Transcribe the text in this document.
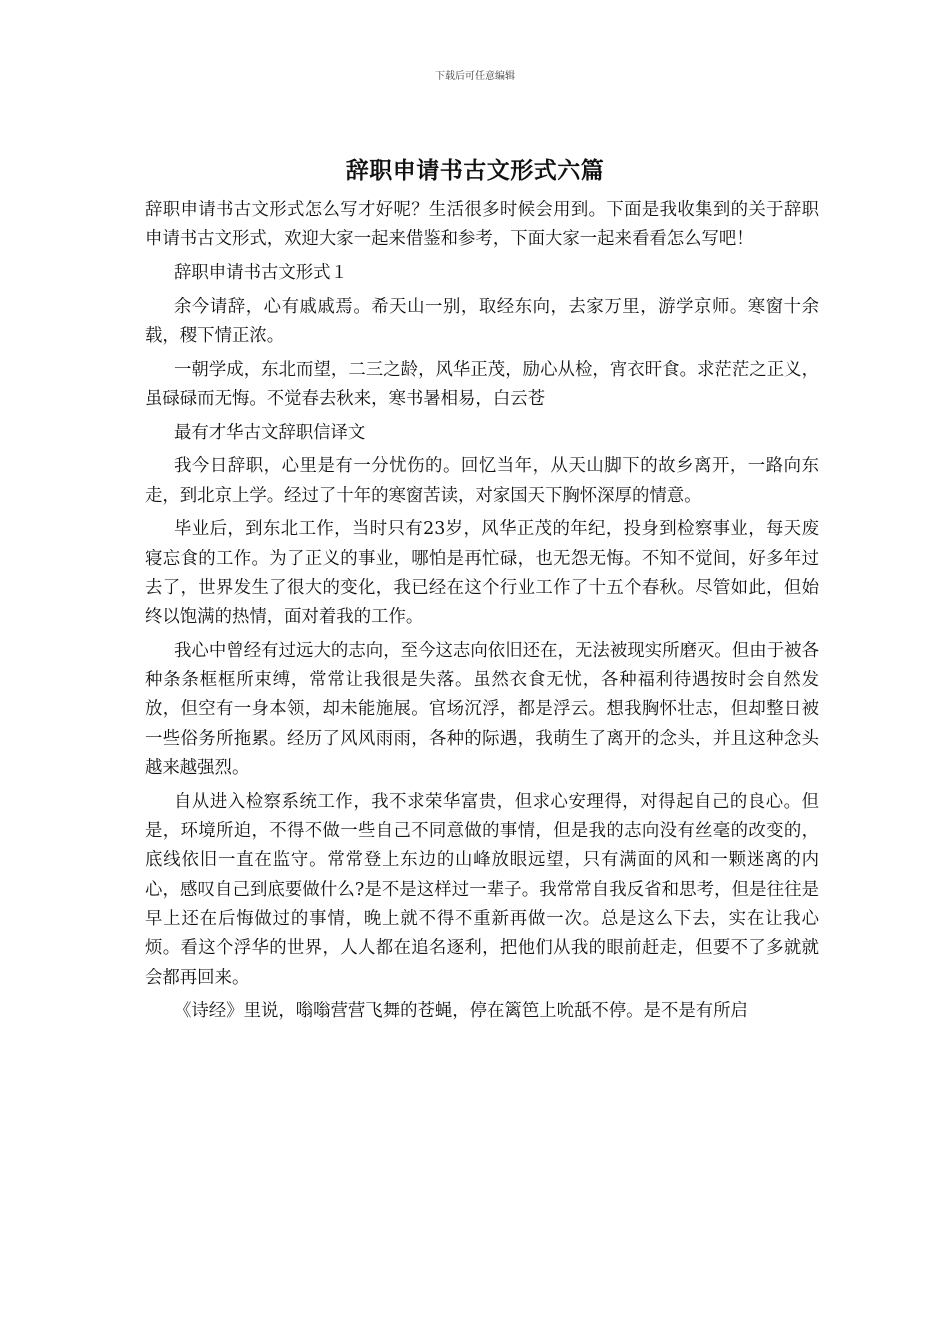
下载后可任意编辑
辞职申请书古文形式六篇

辞职申请书古文形式怎么写才好呢？生活很多时候会用到。下面是我收集到的关于辞职申请书古文形式，欢迎大家一起来借鉴和参考，下面大家一起来看看怎么写吧！

辞职申请书古文形式１

余今请辞，心有戚戚焉。希天山一别，取经东向，去家万里，游学京师。寒窗十余载，稷下情正浓。

一朝学成，东北而望，二三之龄，风华正茂，励心从检，宵衣旰食。求茫茫之正义，虽碌碌而无悔。不觉春去秋来，寒书暑相易，白云苍

最有才华古文辞职信译文

我今日辞职，心里是有一分忧伤的。回忆当年，从天山脚下的故乡离开，一路向东走，到北京上学。经过了十年的寒窗苦读，对家国天下胸怀深厚的情意。

毕业后，到东北工作，当时只有23岁，风华正茂的年纪，投身到检察事业，每天废寝忘食的工作。为了正义的事业，哪怕是再忙碌，也无怨无悔。不知不觉间，好多年过去了，世界发生了很大的变化，我已经在这个行业工作了十五个春秋。尽管如此，但始终以饱满的热情，面对着我的工作。

我心中曾经有过远大的志向，至今这志向依旧还在，无法被现实所磨灭。但由于被各种条条框框所束缚，常常让我很是失落。虽然衣食无忧，各种福利待遇按时会自然发放，但空有一身本领，却未能施展。官场沉浮，都是浮云。想我胸怀壮志，但却整日被一些俗务所拖累。经历了风风雨雨，各种的际遇，我萌生了离开的念头，并且这种念头越来越强烈。

自从进入检察系统工作，我不求荣华富贵，但求心安理得，对得起自己的良心。但是，环境所迫，不得不做一些自己不同意做的事情，但是我的志向没有丝毫的改变的，底线依旧一直在监守。常常登上东边的山峰放眼远望，只有满面的风和一颗迷离的内心，感叹自己到底要做什么?是不是这样过一辈子。我常常自我反省和思考，但是往往是早上还在后悔做过的事情，晚上就不得不重新再做一次。总是这么下去，实在让我心烦。看这个浮华的世界，人人都在追名逐利，把他们从我的眼前赶走，但要不了多就就会都再回来。

《诗经》里说，嗡嗡营营飞舞的苍蝇，停在篱笆上吮舐不停。是不是有所启
